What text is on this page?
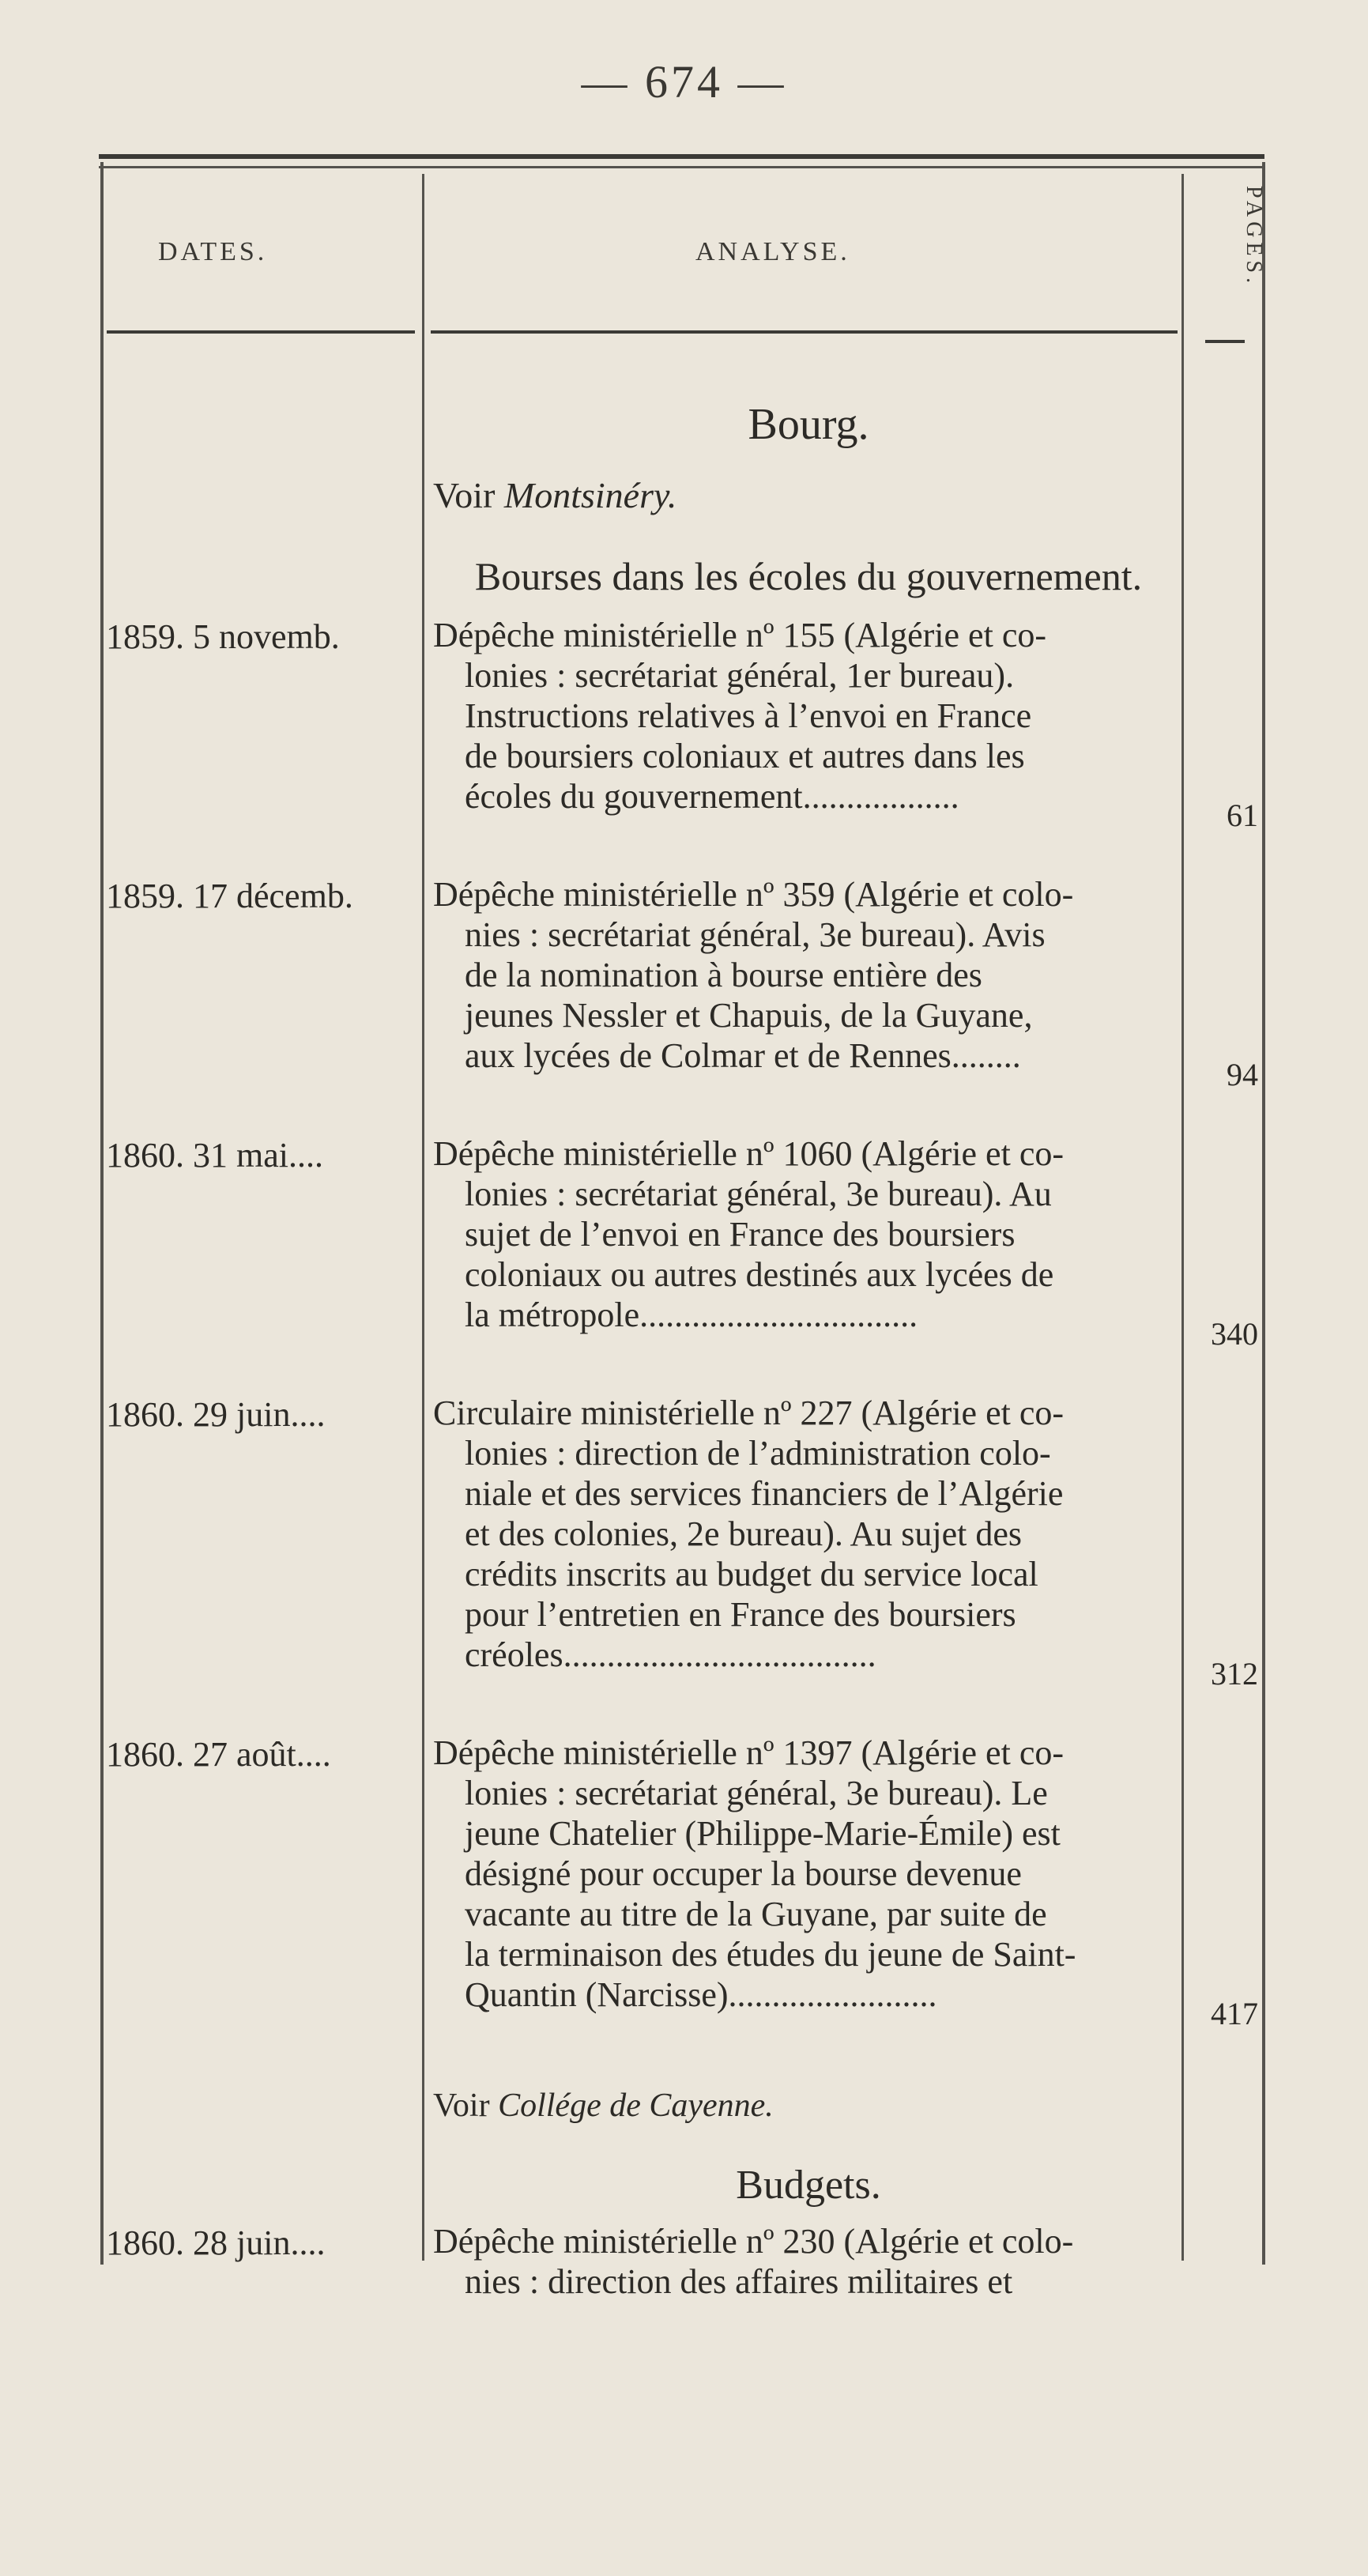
— 674 —
DATES.	ANALYSE.	PAGES.
Bourg.
Voir Montsinéry.
Bourses dans les écoles du gouvernement.
1859. 5 novemb.	Dépêche ministérielle nº 155 (Algérie et co-
lonies : secrétariat général, 1er bureau).
Instructions relatives à l’envoi en France
de boursiers coloniaux et autres dans les
écoles du gouvernement..................	61
1859. 17 décemb.	Dépêche ministérielle nº 359 (Algérie et colo-
nies : secrétariat général, 3e bureau). Avis
de la nomination à bourse entière des
jeunes Nessler et Chapuis, de la Guyane,
aux lycées de Colmar et de Rennes........	94
1860. 31 mai....	Dépêche ministérielle nº 1060 (Algérie et co-
lonies : secrétariat général, 3e bureau). Au
sujet de l’envoi en France des boursiers
coloniaux ou autres destinés aux lycées de
la métropole................................	340
1860. 29 juin....	Circulaire ministérielle nº 227 (Algérie et co-
lonies : direction de l’administration colo-
niale et des services financiers de l’Algérie
et des colonies, 2e bureau). Au sujet des
crédits inscrits au budget du service local
pour l’entretien en France des boursiers
créoles....................................	312
1860. 27 août....	Dépêche ministérielle nº 1397 (Algérie et co-
lonies : secrétariat général, 3e bureau). Le
jeune Chatelier (Philippe-Marie-Émile) est
désigné pour occuper la bourse devenue
vacante au titre de la Guyane, par suite de
la terminaison des études du jeune de Saint-
Quantin (Narcisse)........................	417
Voir Collége de Cayenne.
Budgets.
1860. 28 juin....	Dépêche ministérielle nº 230 (Algérie et colo-
nies : direction des affaires militaires et
